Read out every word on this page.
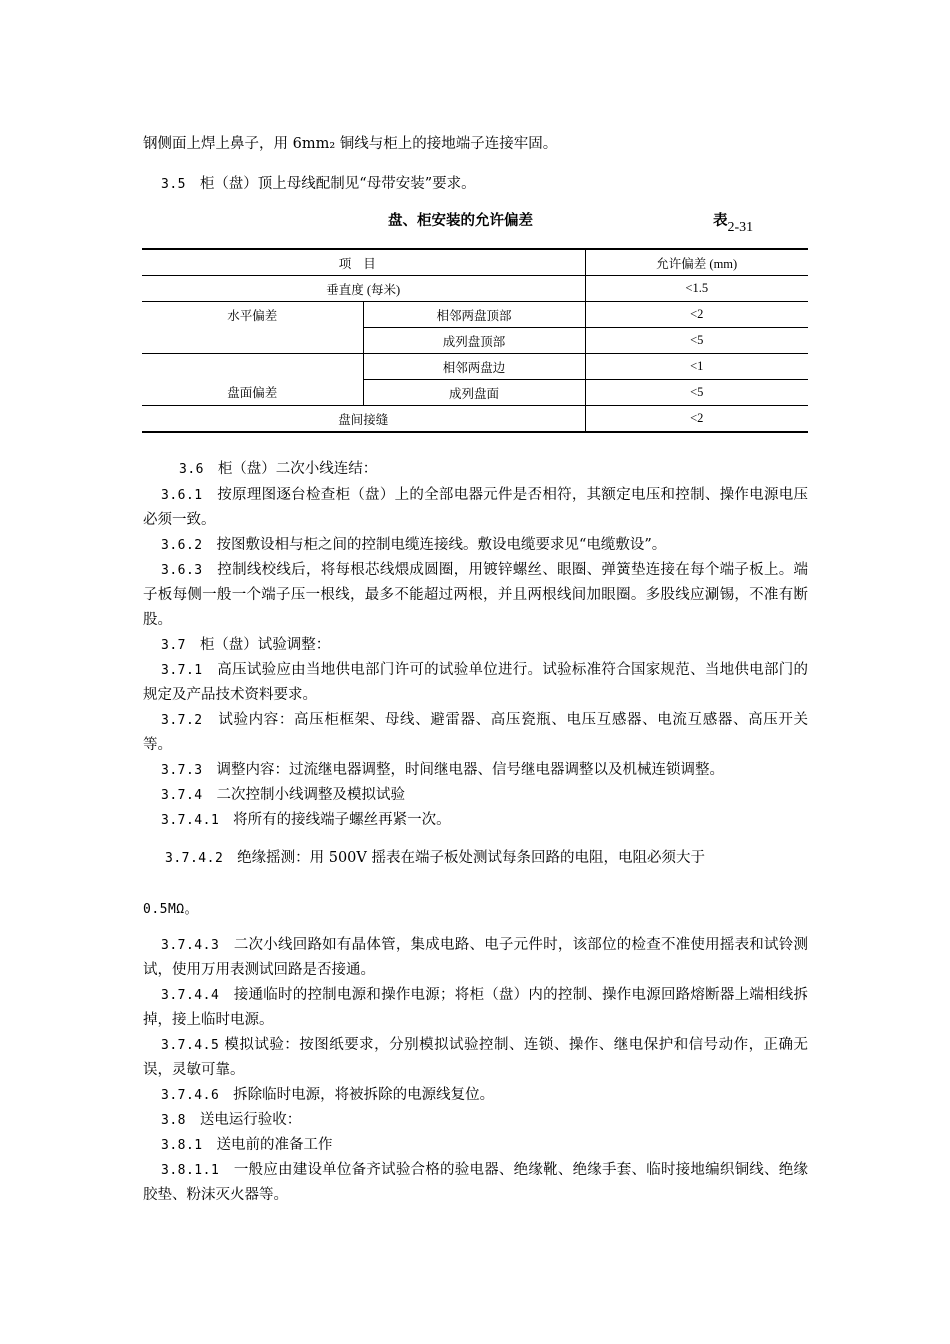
钢侧面上焊上鼻子，用 6mm₂ 铜线与柜上的接地端子连接牢固。
3.5 柜（盘）顶上母线配制见“母带安装”要求。
盘、柜安装的允许偏差	表$_{2-31}$
项目		允许偏差 (mm)
垂直度 (每米)		<1.5
水平偏差	相邻两盘顶部	<2
	成列盘顶部	<5
盘面偏差	相邻两盘边	<1
	成列盘面	<5
盘间接缝		<2
3.6 柜（盘）二次小线连结：
3.6.1 按原理图逐台检查柜（盘）上的全部电器元件是否相符，其额定电压和控制、操作电源电压必须一致。
3.6.2 按图敷设相与柜之间的控制电缆连接线。敷设电缆要求见“电缆敷设”。
3.6.3 控制线校线后，将每根芯线煨成圆圈，用镀锌螺丝、眼圈、弹簧垫连接在每个端子板上。端子板每侧一般一个端子压一根线，最多不能超过两根，并且两根线间加眼圈。多股线应涮锡，不准有断股。
3.7 柜（盘）试验调整：
3.7.1 高压试验应由当地供电部门许可的试验单位进行。试验标准符合国家规范、当地供电部门的规定及产品技术资料要求。
3.7.2 试验内容：高压柜框架、母线、避雷器、高压瓷瓶、电压互感器、电流互感器、高压开关等。
3.7.3 调整内容：过流继电器调整，时间继电器、信号继电器调整以及机械连锁调整。
3.7.4 二次控制小线调整及模拟试验
3.7.4.1 将所有的接线端子螺丝再紧一次。
3.7.4.2 绝缘摇测：用 500V 摇表在端子板处测试每条回路的电阻，电阻必须大于
0.5MΩ。
3.7.4.3 二次小线回路如有晶体管，集成电路、电子元件时，该部位的检查不准使用摇表和试铃测试，使用万用表测试回路是否接通。
3.7.4.4 接通临时的控制电源和操作电源；将柜（盘）内的控制、操作电源回路熔断器上端相线拆掉，接上临时电源。
3.7.4.5 模拟试验：按图纸要求，分别模拟试验控制、连锁、操作、继电保护和信号动作，正确无误，灵敏可靠。
3.7.4.6 拆除临时电源，将被拆除的电源线复位。
3.8 送电运行验收：
3.8.1 送电前的准备工作
3.8.1.1 一般应由建设单位备齐试验合格的验电器、绝缘靴、绝缘手套、临时接地编织铜线、绝缘胶垫、粉沫灭火器等。
